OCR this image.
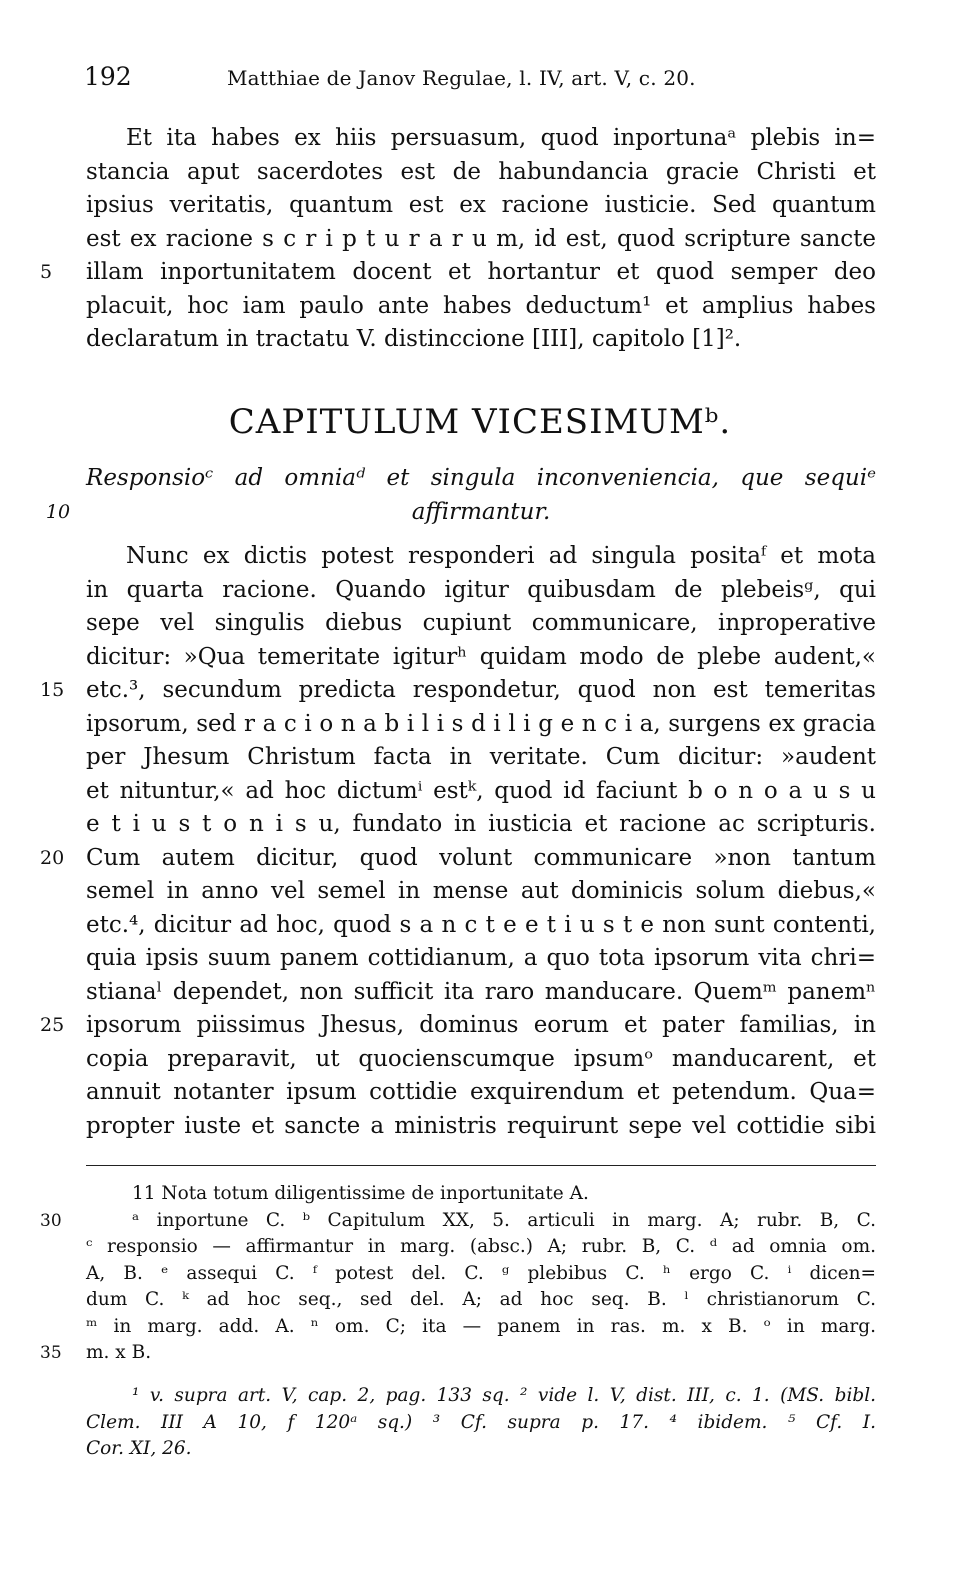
192	Matthiae de Janov Regulae, l. IV, art. V, c. 20.
Et ita habes ex hiis persuasum, quod inportunaᵃ plebis in=
stancia aput sacerdotes est de habundancia gracie Christi et
ipsius veritatis, quantum est ex racione iusticie. Sed quantum
est ex racione s c r i p t u r a r u m, id est, quod scripture sancte
5	illam inportunitatem docent et hortantur et quod semper deo
placuit, hoc iam paulo ante habes deductum¹ et amplius habes
declaratum in tractatu V. distinccione [III], capitolo [1]².
CAPITULUM VICESIMUMᵇ.
Responsioᶜ ad omniaᵈ et singula inconveniencia, que sequiᵉ
10	affirmantur.
Nunc ex dictis potest responderi ad singula positaᶠ et mota
in quarta racione. Quando igitur quibusdam de plebeisᵍ, qui
sepe vel singulis diebus cupiunt communicare, inproperative
dicitur: »Qua temeritate igiturʰ quidam modo de plebe audent,«
15 etc.³, secundum predicta respondetur, quod non est temeritas
ipsorum, sed r a c i o n a b i l i s d i l i g e n c i a, surgens ex gracia
per Jhesum Christum facta in veritate. Cum dicitur: »audent
et nituntur,« ad hoc dictumⁱ estᵏ, quod id faciunt b o n o a u s u
e t i u s t o n i s u, fundato in iusticia et racione ac scripturis.
20 Cum autem dicitur, quod volunt communicare »non tantum
semel in anno vel semel in mense aut dominicis solum diebus,«
etc.⁴, dicitur ad hoc, quod s a n c t e e t i u s t e non sunt contenti,
quia ipsis suum panem cottidianum, a quo tota ipsorum vita chri=
stianaˡ dependet, non sufficit ita raro manducare. Quemᵐ panemⁿ
25 ipsorum piissimus Jhesus, dominus eorum et pater familias, in
copia preparavit, ut quocienscumque ipsumᵒ manducarent, et
annuit notanter ipsum cottidie exquirendum et petendum. Qua=
propter iuste et sancte a ministris requirunt sepe vel cottidie sibi
11 Nota totum diligentissime de inportunitate A.
30	ᵃ inportune C. ᵇ Capitulum XX, 5. articuli in marg. A; rubr. B, C.
ᶜ responsio — affirmantur in marg. (absc.) A; rubr. B, C. ᵈ ad omnia om.
A, B. ᵉ assequi C. ᶠ potest del. C. ᵍ plebibus C. ʰ ergo C. ⁱ dicen=
dum C. ᵏ ad hoc seq., sed del. A; ad hoc seq. B. ˡ christianorum C.
ᵐ in marg. add. A. ⁿ om. C; ita — panem in ras. m. x B. ᵒ in marg.
35	m. x B.
¹ v. supra art. V, cap. 2, pag. 133 sq. ² vide l. V, dist. III, c. 1. (MS. bibl.
Clem. III A 10, f 120ᵃ sq.) ³ Cf. supra p. 17. ⁴ ibidem. ⁵ Cf. I.
Cor. XI, 26.
